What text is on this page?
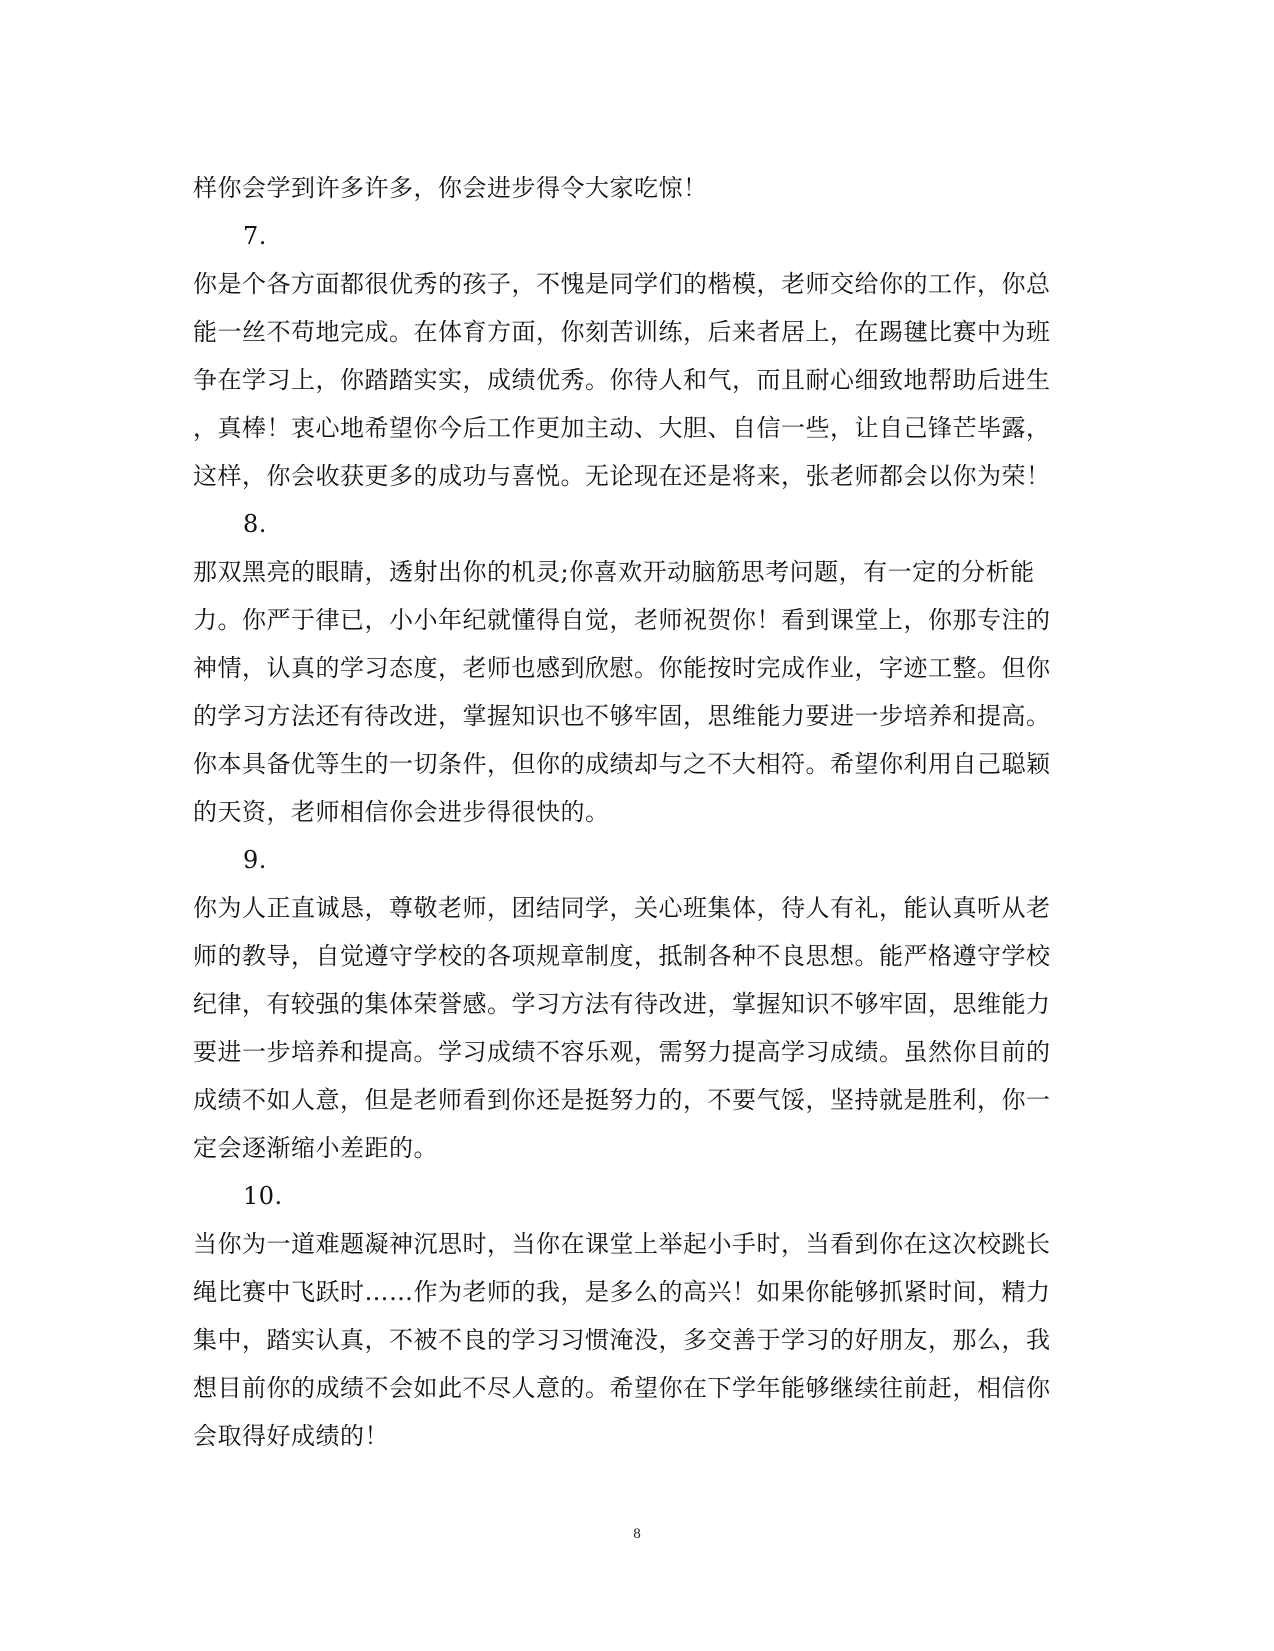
样你会学到许多许多，你会进步得令大家吃惊！
7.
你是个各方面都很优秀的孩子，不愧是同学们的楷模，老师交给你的工作，你总
能一丝不苟地完成。在体育方面，你刻苦训练，后来者居上，在踢毽比赛中为班
争在学习上，你踏踏实实，成绩优秀。你待人和气，而且耐心细致地帮助后进生
，真棒！衷心地希望你今后工作更加主动、大胆、自信一些，让自己锋芒毕露，
这样，你会收获更多的成功与喜悦。无论现在还是将来，张老师都会以你为荣！
8.
那双黑亮的眼睛，透射出你的机灵;你喜欢开动脑筋思考问题，有一定的分析能
力。你严于律已，小小年纪就懂得自觉，老师祝贺你！看到课堂上，你那专注的
神情，认真的学习态度，老师也感到欣慰。你能按时完成作业，字迹工整。但你
的学习方法还有待改进，掌握知识也不够牢固，思维能力要进一步培养和提高。
你本具备优等生的一切条件，但你的成绩却与之不大相符。希望你利用自己聪颖
的天资，老师相信你会进步得很快的。
9.
你为人正直诚恳，尊敬老师，团结同学，关心班集体，待人有礼，能认真听从老
师的教导，自觉遵守学校的各项规章制度，抵制各种不良思想。能严格遵守学校
纪律，有较强的集体荣誉感。学习方法有待改进，掌握知识不够牢固，思维能力
要进一步培养和提高。学习成绩不容乐观，需努力提高学习成绩。虽然你目前的
成绩不如人意，但是老师看到你还是挺努力的，不要气馁，坚持就是胜利，你一
定会逐渐缩小差距的。
10.
当你为一道难题凝神沉思时，当你在课堂上举起小手时，当看到你在这次校跳长
绳比赛中飞跃时……作为老师的我，是多么的高兴！如果你能够抓紧时间，精力
集中，踏实认真，不被不良的学习习惯淹没，多交善于学习的好朋友，那么，我
想目前你的成绩不会如此不尽人意的。希望你在下学年能够继续往前赶，相信你
会取得好成绩的！
8
